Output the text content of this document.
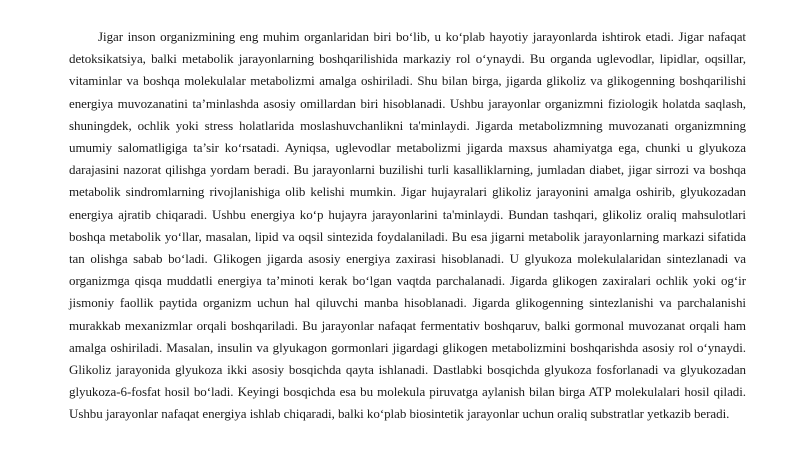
Jigar inson organizmining eng muhim organlaridan biri bo‘lib, u ko‘plab hayotiy jarayonlarda ishtirok etadi. Jigar nafaqat detoksikatsiya, balki metabolik jarayonlarning boshqarilishida markaziy rol o‘ynaydi. Bu organda uglevodlar, lipidlar, oqsillar, vitaminlar va boshqa molekulalar metabolizmi amalga oshiriladi. Shu bilan birga, jigarda glikoliz va glikogenning boshqarilishi energiya muvozanatini ta’minlashda asosiy omillardan biri hisoblanadi. Ushbu jarayonlar organizmni fiziologik holatda saqlash, shuningdek, ochlik yoki stress holatlarida moslashuvchanlikni ta'minlaydi. Jigarda metabolizmning muvozanati organizmning umumiy salomatligiga ta’sir ko‘rsatadi. Ayniqsa, uglevodlar metabolizmi jigarda maxsus ahamiyatga ega, chunki u glyukoza darajasini nazorat qilishga yordam beradi. Bu jarayonlarni buzilishi turli kasalliklarning, jumladan diabet, jigar sirrozi va boshqa metabolik sindromlarning rivojlanishiga olib kelishi mumkin. Jigar hujayralari glikoliz jarayonini amalga oshirib, glyukozadan energiya ajratib chiqaradi. Ushbu energiya ko‘p hujayra jarayonlarini ta'minlaydi. Bundan tashqari, glikoliz oraliq mahsulotlari boshqa metabolik yo‘llar, masalan, lipid va oqsil sintezida foydalaniladi. Bu esa jigarni metabolik jarayonlarning markazi sifatida tan olishga sabab bo‘ladi. Glikogen jigarda asosiy energiya zaxirasi hisoblanadi. U glyukoza molekulalaridan sintezlanadi va organizmga qisqa muddatli energiya ta’minoti kerak bo‘lgan vaqtda parchalanadi. Jigarda glikogen zaxiralari ochlik yoki og‘ir jismoniy faollik paytida organizm uchun hal qiluvchi manba hisoblanadi. Jigarda glikogenning sintezlanishi va parchalanishi murakkab mexanizmlar orqali boshqariladi. Bu jarayonlar nafaqat fermentativ boshqaruv, balki gormonal muvozanat orqali ham amalga oshiriladi. Masalan, insulin va glyukagon gormonlari jigardagi glikogen metabolizmini boshqarishda asosiy rol o‘ynaydi. Glikoliz jarayonida glyukoza ikki asosiy bosqichda qayta ishlanadi. Dastlabki bosqichda glyukoza fosforlanadi va glyukozadan glyukoza-6-fosfat hosil bo‘ladi. Keyingi bosqichda esa bu molekula piruvatga aylanish bilan birga ATP molekulalari hosil qiladi. Ushbu jarayonlar nafaqat energiya ishlab chiqaradi, balki ko‘plab biosintetik jarayonlar uchun oraliq substratlar yetkazib beradi.
